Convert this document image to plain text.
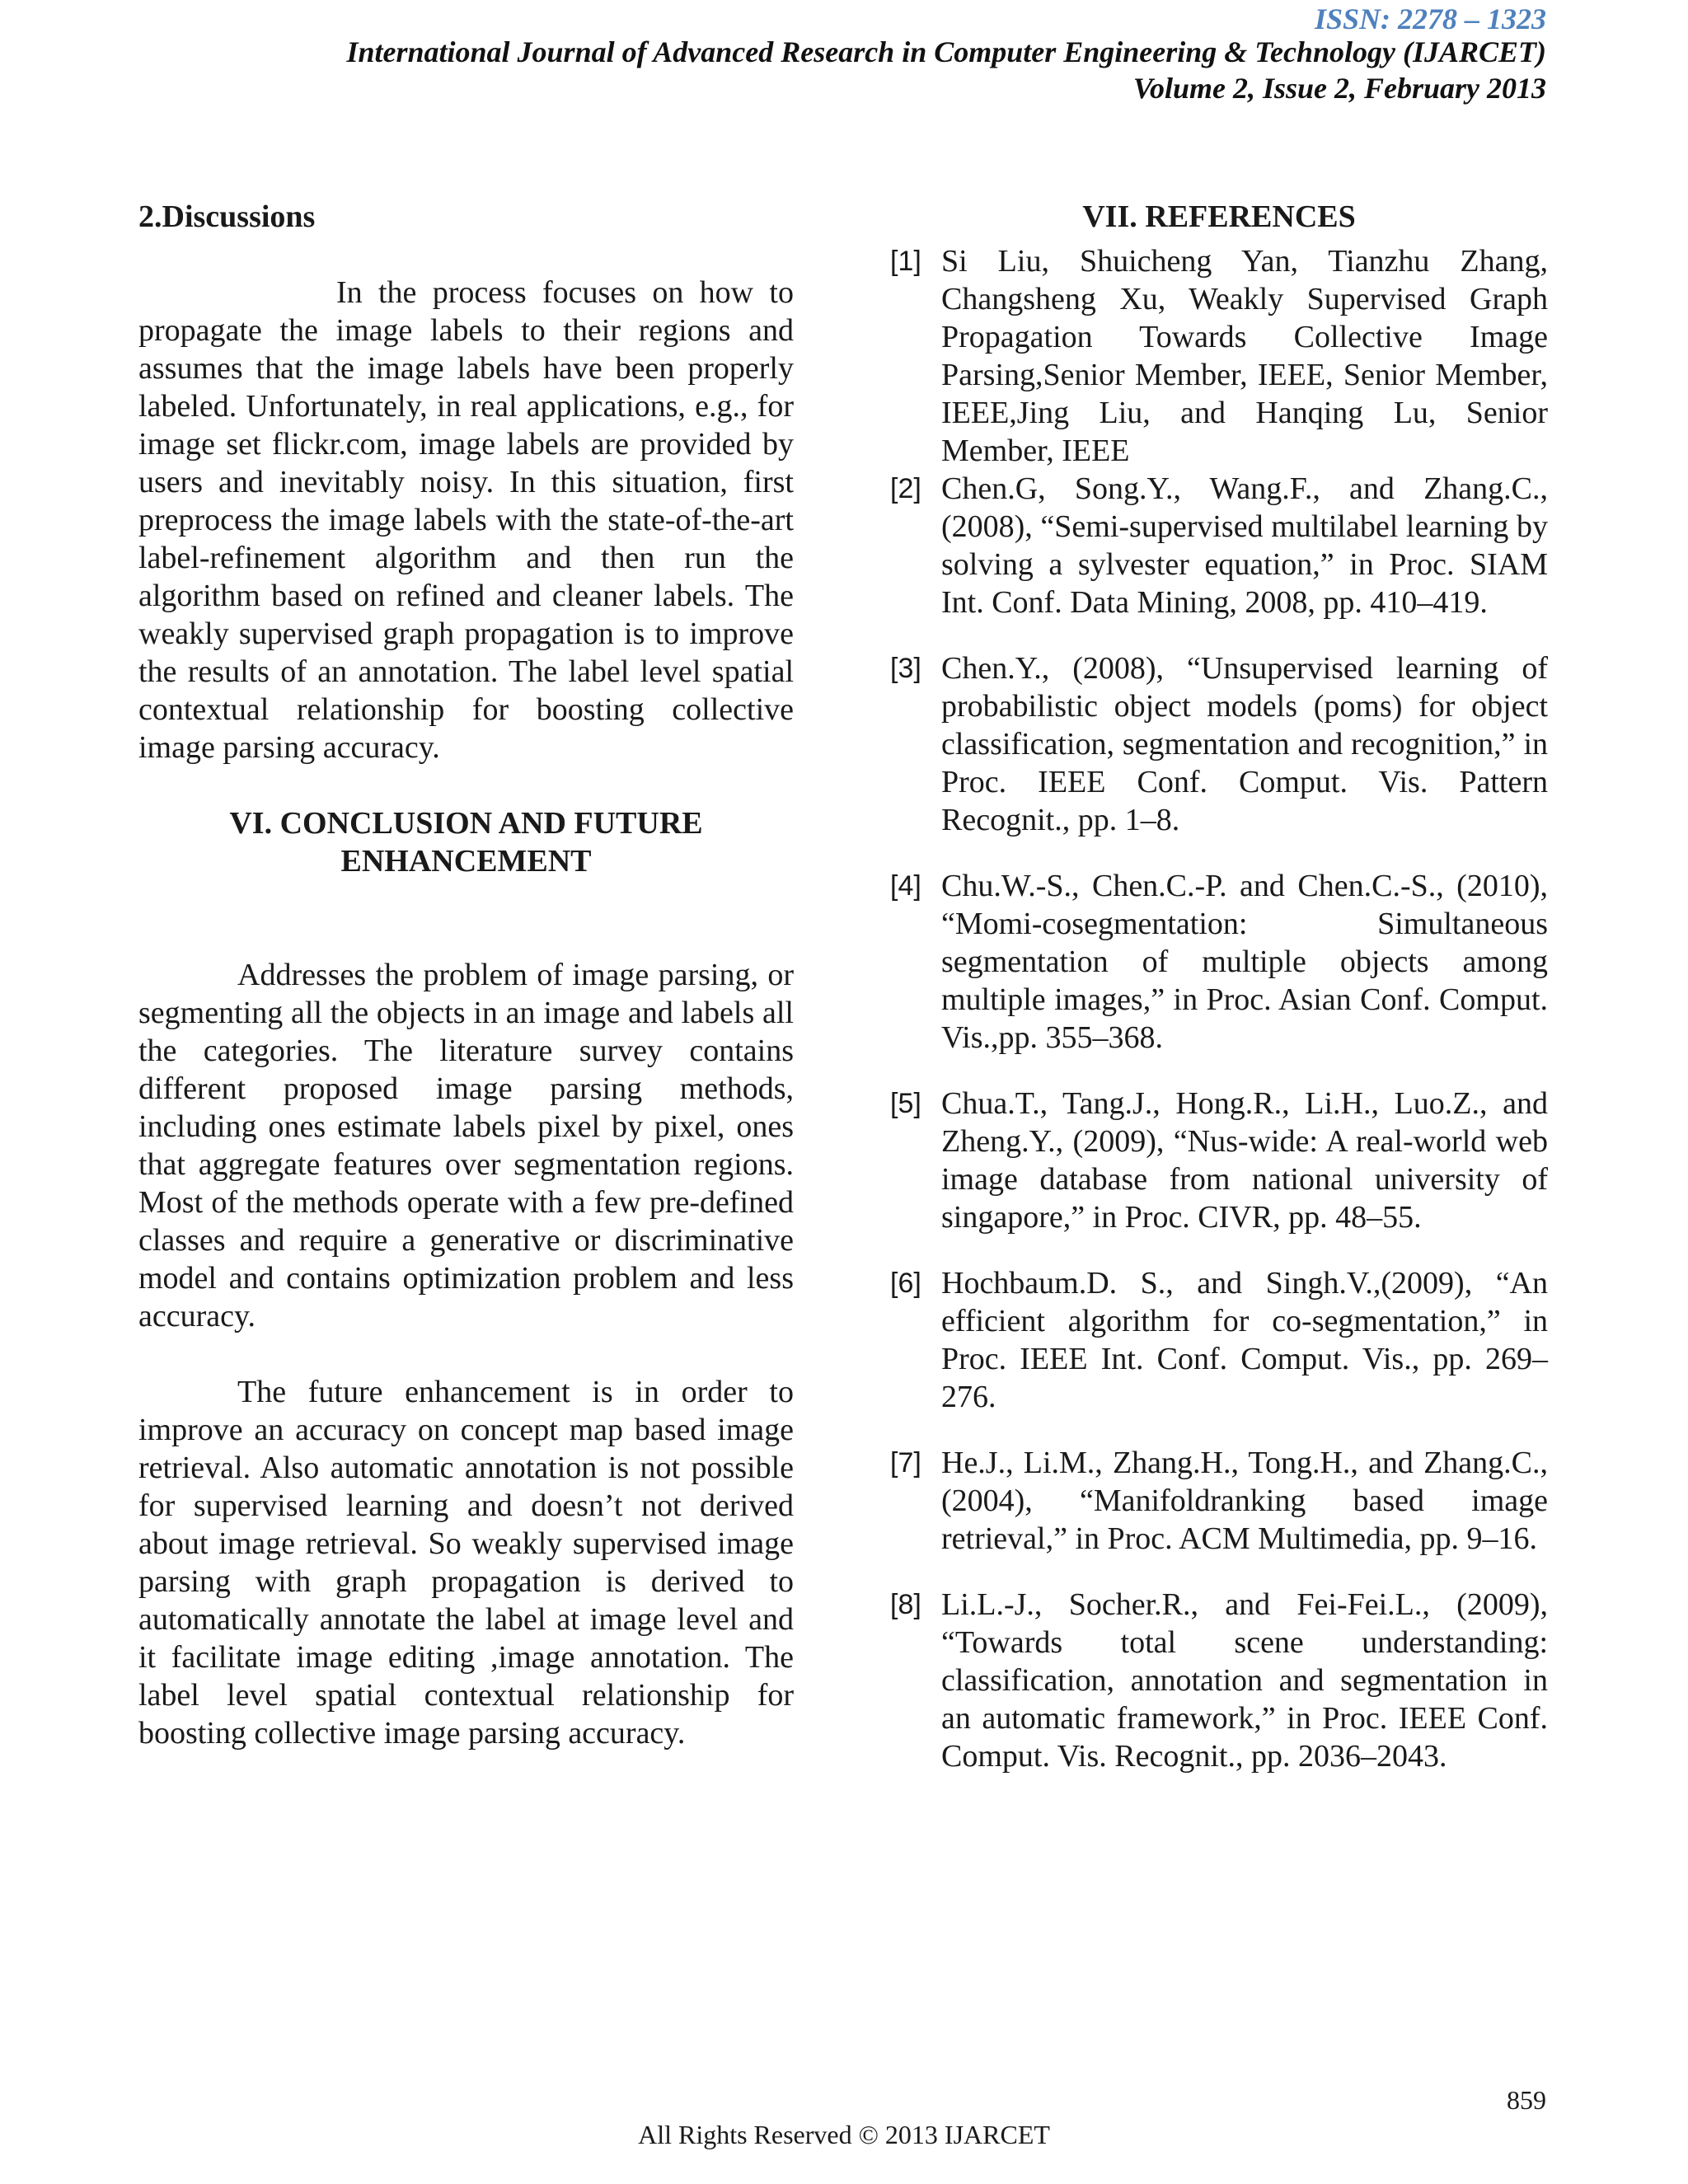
ISSN: 2278 – 1323
International Journal of Advanced Research in Computer Engineering & Technology (IJARCET)
Volume 2, Issue 2, February 2013
2.Discussions

In the process focuses on how to propagate the image labels to their regions and assumes that the image labels have been properly labeled. Unfortunately, in real applications, e.g., for image set flickr.com, image labels are provided by users and inevitably noisy. In this situation, first preprocess the image labels with the state-of-the-art label-refinement algorithm and then run the algorithm based on refined and cleaner labels. The weakly supervised graph propagation is to improve the results of an annotation. The label level spatial contextual relationship for boosting collective image parsing accuracy.

VI. CONCLUSION AND FUTURE
ENHANCEMENT

Addresses the problem of image parsing, or segmenting all the objects in an image and labels all the categories. The literature survey contains different proposed image parsing methods, including ones estimate labels pixel by pixel, ones that aggregate features over segmentation regions. Most of the methods operate with a few pre-defined classes and require a generative or discriminative model and contains optimization problem and less accuracy.

The future enhancement is in order to improve an accuracy on concept map based image retrieval. Also automatic annotation is not possible for supervised learning and doesn’t not derived about image retrieval. So weakly supervised image parsing with graph propagation is derived to automatically annotate the label at image level and it facilitate image editing ,image annotation. The label level spatial contextual relationship for boosting collective image parsing accuracy.

VII. REFERENCES
[1] Si Liu, Shuicheng Yan, Tianzhu Zhang, Changsheng Xu, Weakly Supervised Graph Propagation Towards Collective Image Parsing,Senior Member, IEEE, Senior Member, IEEE,Jing Liu, and Hanqing Lu, Senior Member, IEEE

[2] Chen.G, Song.Y., Wang.F., and Zhang.C., (2008), “Semi-supervised multilabel learning by solving a sylvester equation,” in Proc. SIAM Int. Conf. Data Mining, 2008, pp. 410–419.

[3] Chen.Y., (2008), “Unsupervised learning of probabilistic object models (poms) for object classification, segmentation and recognition,” in Proc. IEEE Conf. Comput. Vis. Pattern Recognit., pp. 1–8.

[4] Chu.W.-S., Chen.C.-P. and Chen.C.-S., (2010), “Momi-cosegmentation: Simultaneous segmentation of multiple objects among multiple images,” in Proc. Asian Conf. Comput. Vis.,pp. 355–368.

[5] Chua.T., Tang.J., Hong.R., Li.H., Luo.Z., and Zheng.Y., (2009), “Nus-wide: A real-world web image database from national university of singapore,” in Proc. CIVR, pp. 48–55.

[6] Hochbaum.D. S., and Singh.V.,(2009), “An efficient algorithm for co-segmentation,” in Proc. IEEE Int. Conf. Comput. Vis., pp. 269–276.

[7] He.J., Li.M., Zhang.H., Tong.H., and Zhang.C., (2004), “Manifoldranking based image retrieval,” in Proc. ACM Multimedia, pp. 9–16.

[8] Li.L.-J., Socher.R., and Fei-Fei.L., (2009), “Towards total scene understanding: classification, annotation and segmentation in an automatic framework,” in Proc. IEEE Conf. Comput. Vis. Recognit., pp. 2036–2043.

859
All Rights Reserved © 2013 IJARCET
